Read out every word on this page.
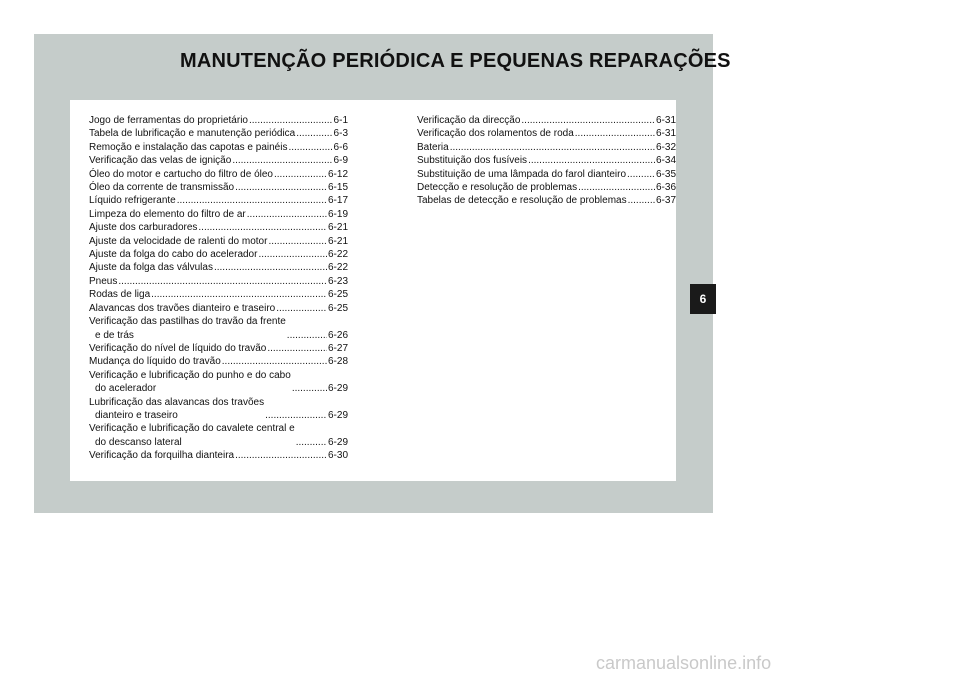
MANUTENÇÃO PERIÓDICA E PEQUENAS REPARAÇÕES
Jogo de ferramentas do proprietário .....	6-1
Tabela de lubrificação e manutenção periódica .....	6-3
Remoção e instalação das capotas e painéis .....	6-6
Verificação das velas de ignição .....	6-9
Óleo do motor e cartucho do filtro de óleo .....	6-12
Óleo da corrente de transmissão .....	6-15
Líquido refrigerante .....	6-17
Limpeza do elemento do filtro de ar .....	6-19
Ajuste dos carburadores .....	6-21
Ajuste da velocidade de ralenti do motor .....	6-21
Ajuste da folga do cabo do acelerador .....	6-22
Ajuste da folga das válvulas .....	6-22
Pneus .....	6-23
Rodas de liga .....	6-25
Alavancas dos travões dianteiro e traseiro .....	6-25
Verificação das pastilhas do travão da frente
e de trás .....	6-26
Verificação do nível de líquido do travão .....	6-27
Mudança do líquido do travão .....	6-28
Verificação e lubrificação do punho e do cabo
do acelerador .....	6-29
Lubrificação das alavancas dos travões
dianteiro e traseiro .....	6-29
Verificação e lubrificação do cavalete central e
do descanso lateral .....	6-29
Verificação da forquilha dianteira .....	6-30
Verificação da direcção .....	6-31
Verificação dos rolamentos de roda .....	6-31
Bateria .....	6-32
Substituição dos fusíveis .....	6-34
Substituição de uma lâmpada do farol dianteiro .....	6-35
Detecção e resolução de problemas .....	6-36
Tabelas de detecção e resolução de problemas .....	6-37
6
carmanualsonline.info
